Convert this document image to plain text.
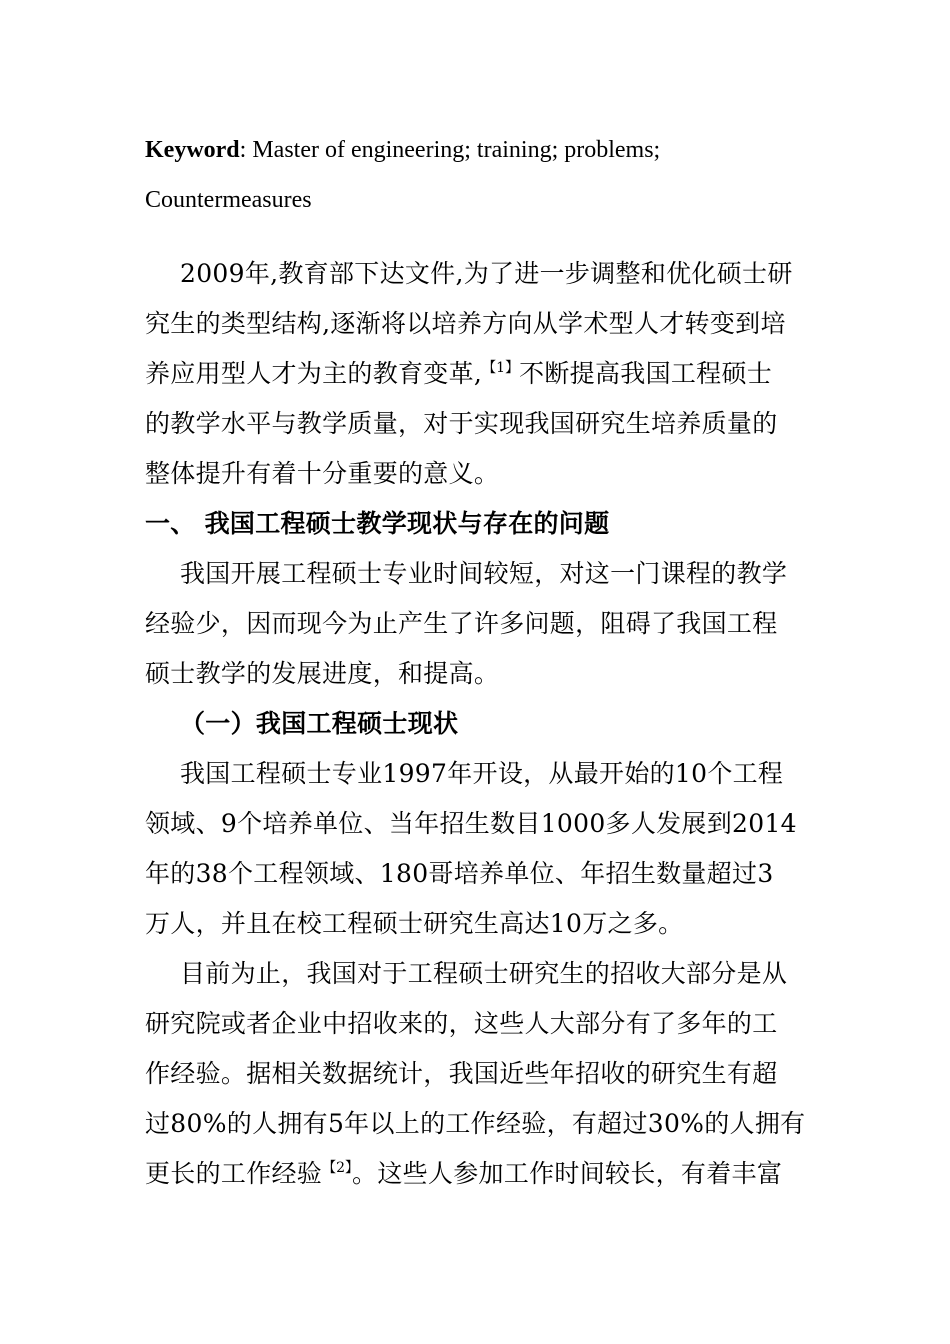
Keyword: Master of engineering; training; problems;
Countermeasures
2009年,教育部下达文件,为了进一步调整和优化硕士研
究生的类型结构,逐渐将以培养方向从学术型人才转变到培
养应用型人才为主的教育变革,$^{【1】}$不断提高我国工程硕士
的教学水平与教学质量，对于实现我国研究生培养质量的
整体提升有着十分重要的意义。
一、 我国工程硕士教学现状与存在的问题
我国开展工程硕士专业时间较短，对这一门课程的教学
经验少，因而现今为止产生了许多问题，阻碍了我国工程
硕士教学的发展进度，和提高。
（一）我国工程硕士现状
我国工程硕士专业1997年开设，从最开始的10个工程
领域、9个培养单位、当年招生数目1000多人发展到2014
年的38个工程领域、180哥培养单位、年招生数量超过3
万人，并且在校工程硕士研究生高达10万之多。
目前为止，我国对于工程硕士研究生的招收大部分是从
研究院或者企业中招收来的，这些人大部分有了多年的工
作经验。据相关数据统计，我国近些年招收的研究生有超
过80%的人拥有5年以上的工作经验，有超过30%的人拥有
更长的工作经验$^{【2】}$。这些人参加工作时间较长，有着丰富
